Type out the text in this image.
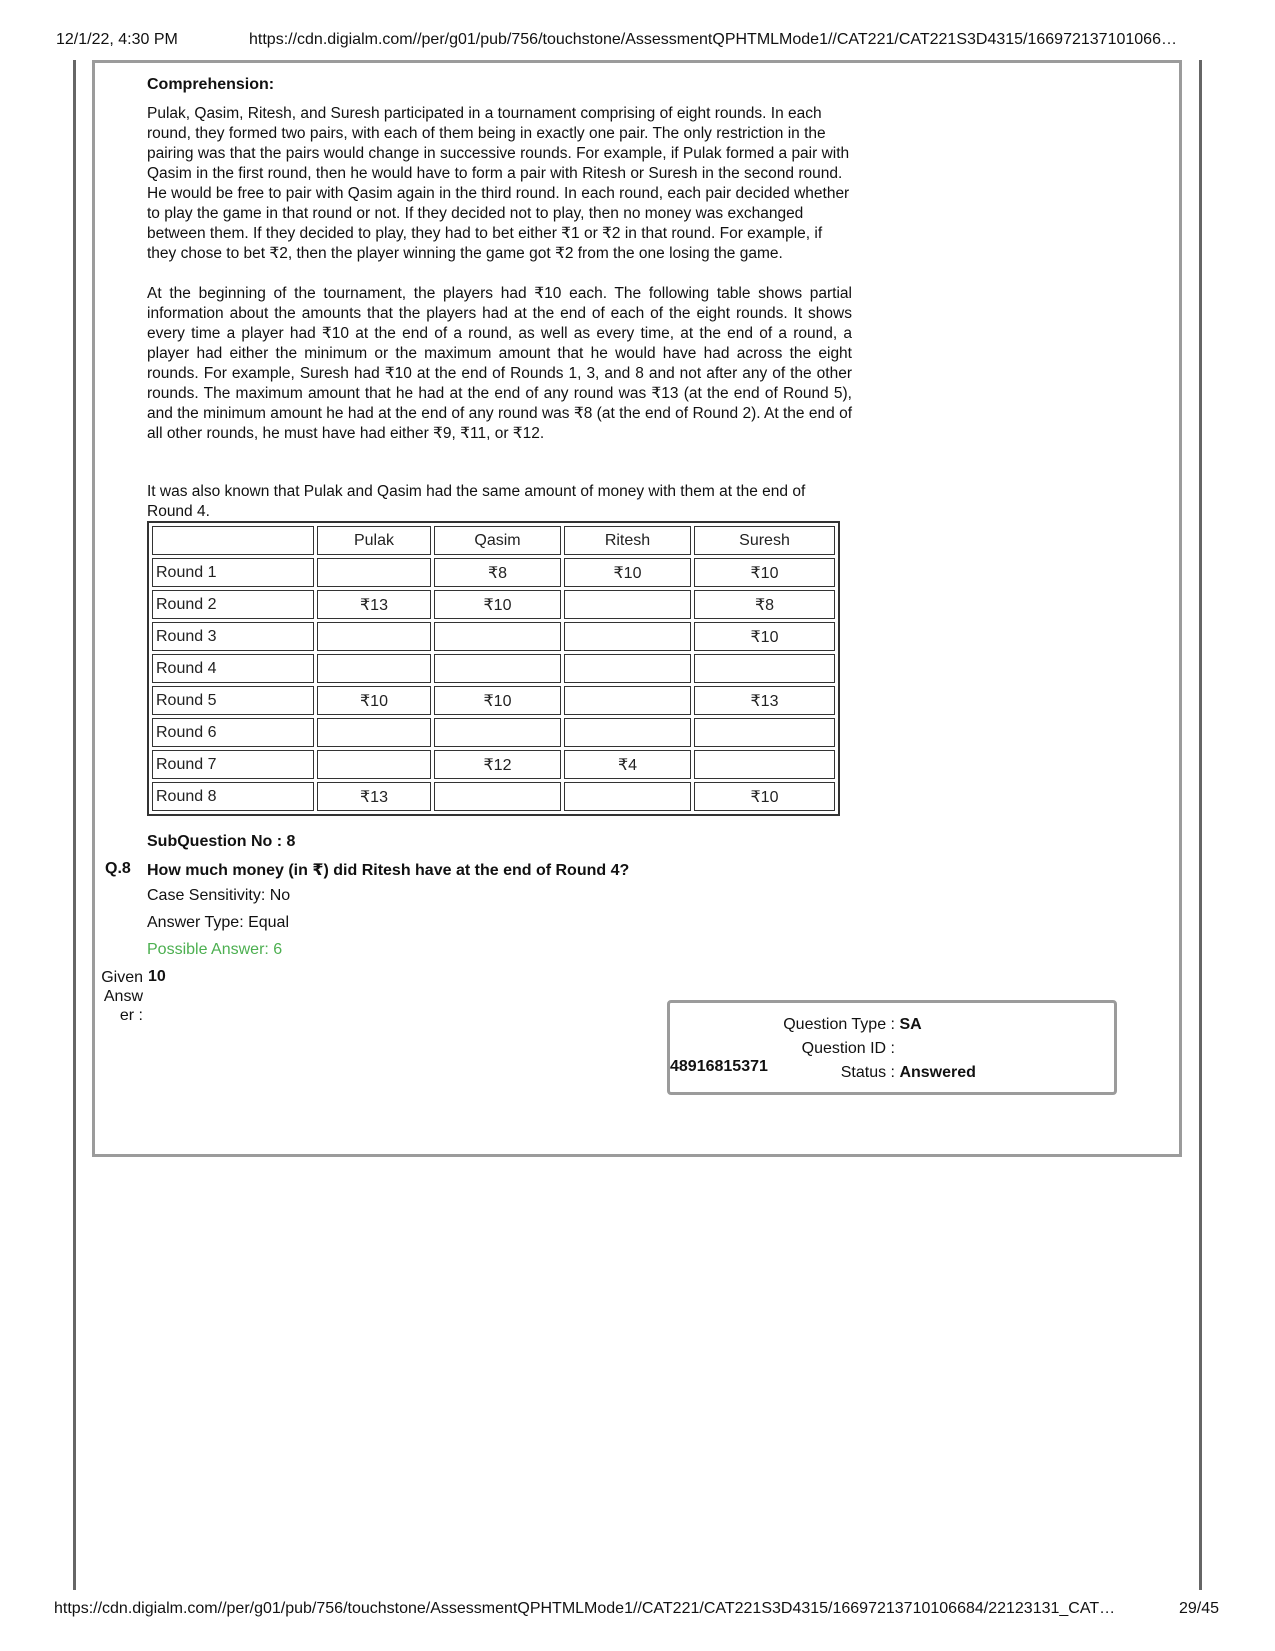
12/1/22, 4:30 PM	https://cdn.digialm.com//per/g01/pub/756/touchstone/AssessmentQPHTMLMode1//CAT221/CAT221S3D4315/166972137101066…
Comprehension:

Pulak, Qasim, Ritesh, and Suresh participated in a tournament comprising of eight rounds. In each round, they formed two pairs, with each of them being in exactly one pair. The only restriction in the pairing was that the pairs would change in successive rounds. For example, if Pulak formed a pair with Qasim in the first round, then he would have to form a pair with Ritesh or Suresh in the second round. He would be free to pair with Qasim again in the third round. In each round, each pair decided whether to play the game in that round or not. If they decided not to play, then no money was exchanged between them. If they decided to play, they had to bet either ₹1 or ₹2 in that round. For example, if they chose to bet ₹2, then the player winning the game got ₹2 from the one losing the game.

At the beginning of the tournament, the players had ₹10 each. The following table shows partial information about the amounts that the players had at the end of each of the eight rounds. It shows every time a player had ₹10 at the end of a round, as well as every time, at the end of a round, a player had either the minimum or the maximum amount that he would have had across the eight rounds. For example, Suresh had ₹10 at the end of Rounds 1, 3, and 8 and not after any of the other rounds. The maximum amount that he had at the end of any round was ₹13 (at the end of Round 5), and the minimum amount he had at the end of any round was ₹8 (at the end of Round 2). At the end of all other rounds, he must have had either ₹9, ₹11, or ₹12.

It was also known that Pulak and Qasim had the same amount of money with them at the end of Round 4.

	Pulak	Qasim	Ritesh	Suresh
Round 1		₹8	₹10	₹10
Round 2	₹13	₹10		₹8
Round 3				₹10
Round 4				
Round 5	₹10	₹10		₹13
Round 6				
Round 7		₹12	₹4	
Round 8	₹13			₹10
SubQuestion No : 8
Q.8 How much money (in ₹) did Ritesh have at the end of Round 4?
Case Sensitivity: No
Answer Type: Equal
Possible Answer: 6
Given Answ er :
10
Question Type : SA
Question ID : 48916815371	Status : Answered
https://cdn.digialm.com//per/g01/pub/756/touchstone/AssessmentQPHTMLMode1//CAT221/CAT221S3D4315/16697213710106684/22123131_CAT…	29/45
